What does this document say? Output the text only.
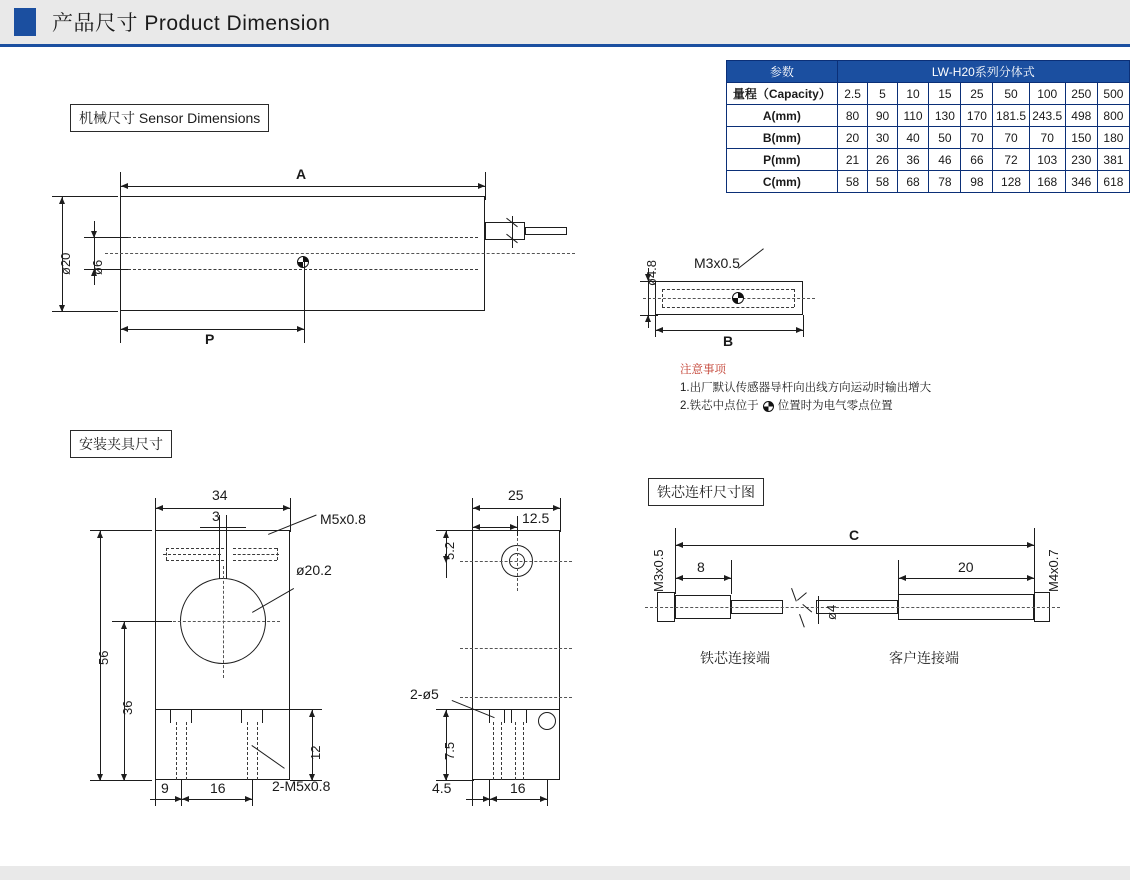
产品尺寸 Product Dimension
参数	LW-H20系列分体式								
量程（Capacity）	2.5	5	10	15	25	50	100	250	500
A(mm)	80	90	110	130	170	181.5	243.5	498	800
B(mm)	20	30	40	50	70	70	70	150	180
P(mm)	21	26	36	46	66	72	103	230	381
C(mm)	58	58	68	78	98	128	168	346	618
机械尺寸 Sensor Dimensions
A
P
ø20 ø6	M3x0.5
ø4.8
B
注意事项
1.出厂默认传感器导杆向出线方向运动时输出增大
2.铁芯中点位于 位置时为电气零点位置
安装夹具尺寸
34
3	M5x0.8
ø20.2
56
36
12
9	16	2-M5x0.8
25
12.5
5.2
2-ø5
7.5
4.5	16
铁芯连杆尺寸图
M3x0.5	M4x0.7
C
8	20
ø4
铁芯连接端	客户连接端
